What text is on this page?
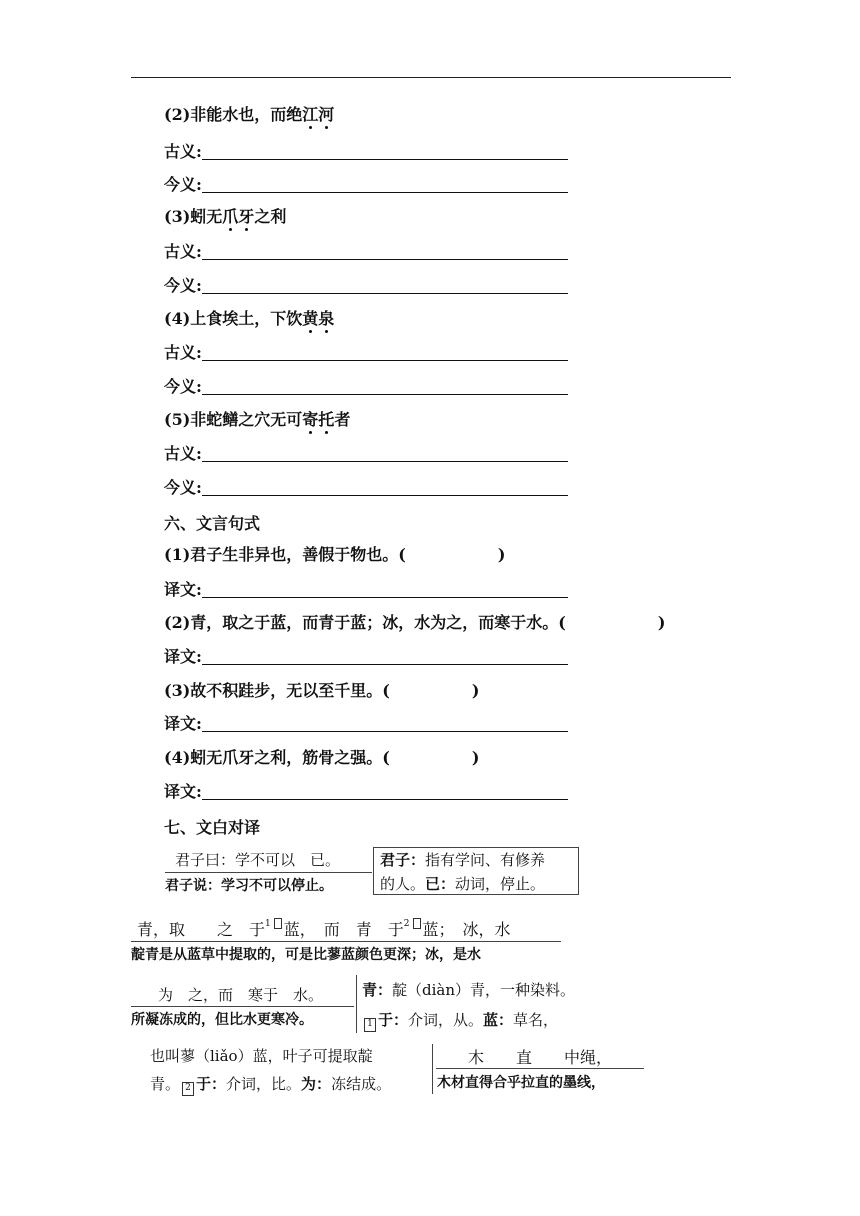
(2)非能水也，而绝江河
古义:
今义:
(3)蚓无爪牙之利
古义:
今义:
(4)上食埃土，下饮黄泉
古义:
今义:
(5)非蛇鳝之穴无可寄托者
古义:
今义:
六、文言句式
(1)君子生非异也，善假于物也。(	)
译文:
(2)青，取之于蓝，而青于蓝；冰，水为之，而寒于水。(	)
译文:
(3)故不积跬步，无以至千里。(	)
译文:
(4)蚓无爪牙之利，筋骨之强。(	)
译文:
七、文白对译
君子曰：学不可以　已。
君子说：学习不可以停止。
君子：指有学问、有修养
的人。已：动词，停止。
青，取　　之　于$^1$ 蓝，　而　青　于$^2$ 蓝；　冰，水
靛青是从蓝草中提取的，可是比蓼蓝颜色更深；冰，是水
为　之，而　寒于　水。
所凝冻成的，但比水更寒冷。
青：靛（diàn）青，一种染料。
1 于：介词，从。蓝：草名，
也叫蓼（liǎo）蓝，叶子可提取靛
青。 2 于：介词，比。为：冻结成。
木　　直　　中绳，
木材直得合乎拉直的墨线，
